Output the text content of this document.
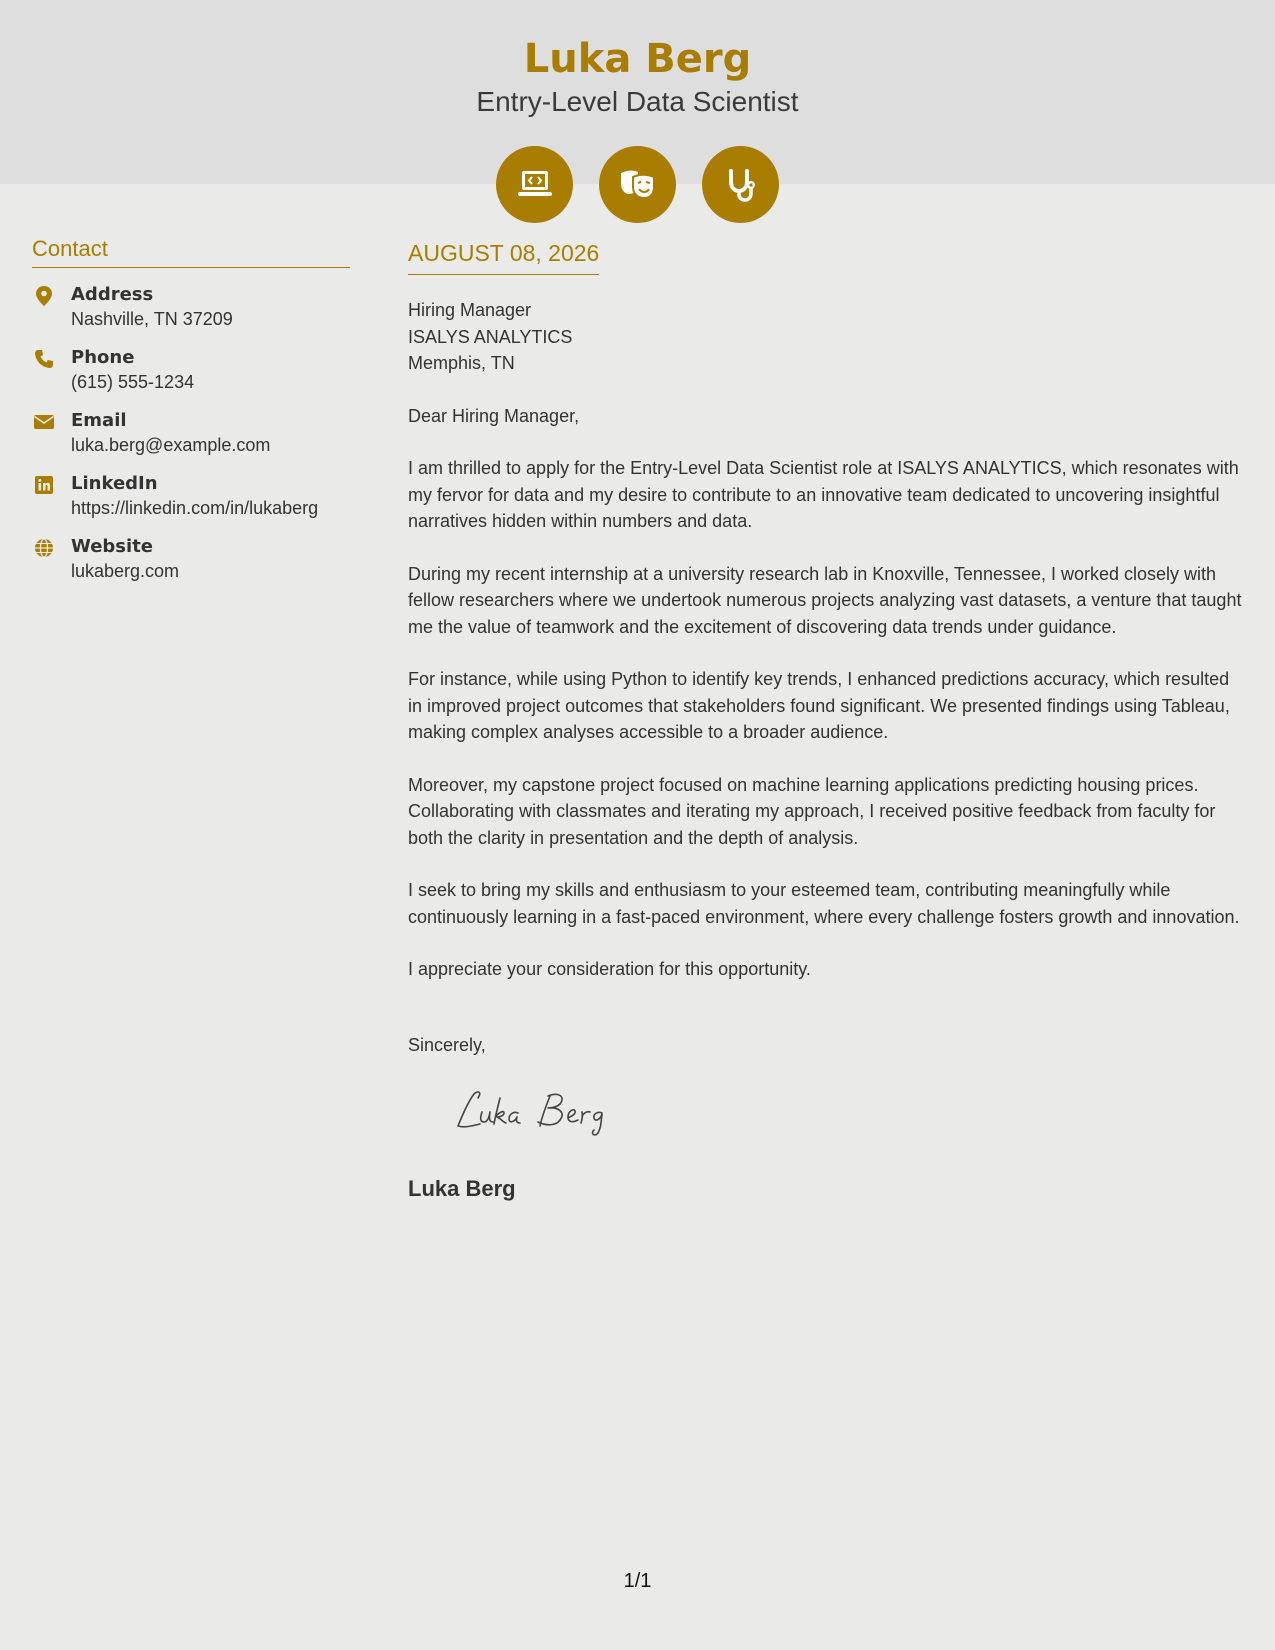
Luka Berg
Entry-Level Data Scientist
Contact
Address
Nashville, TN 37209
Phone
(615) 555-1234
Email
luka.berg@example.com
LinkedIn
https://linkedin.com/in/lukaberg
Website
lukaberg.com
AUGUST 08, 2026
Hiring Manager
ISALYS ANALYTICS
Memphis, TN
Dear Hiring Manager,
I am thrilled to apply for the Entry-Level Data Scientist role at ISALYS ANALYTICS, which resonates with my fervor for data and my desire to contribute to an innovative team dedicated to uncovering insightful narratives hidden within numbers and data.
During my recent internship at a university research lab in Knoxville, Tennessee, I worked closely with fellow researchers where we undertook numerous projects analyzing vast datasets, a venture that taught me the value of teamwork and the excitement of discovering data trends under guidance.
For instance, while using Python to identify key trends, I enhanced predictions accuracy, which resulted in improved project outcomes that stakeholders found significant. We presented findings using Tableau, making complex analyses accessible to a broader audience.
Moreover, my capstone project focused on machine learning applications predicting housing prices. Collaborating with classmates and iterating my approach, I received positive feedback from faculty for both the clarity in presentation and the depth of analysis.
I seek to bring my skills and enthusiasm to your esteemed team, contributing meaningfully while continuously learning in a fast-paced environment, where every challenge fosters growth and innovation.
I appreciate your consideration for this opportunity.
Sincerely,
Luka Berg
1/1
